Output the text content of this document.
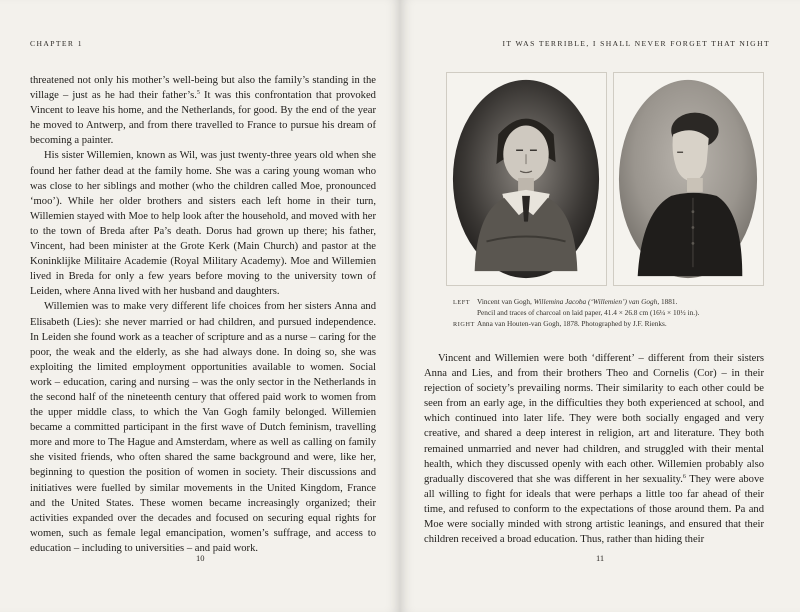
CHAPTER 1

threatened not only his mother’s well-being but also the family’s standing in the village – just as he had their father’s.$^5$ It was this confrontation that provoked Vincent to leave his home, and the Netherlands, for good. By the end of the year he moved to Antwerp, and from there travelled to France to pursue his dream of becoming a painter.

His sister Willemien, known as Wil, was just twenty-three years old when she found her father dead at the family home. She was a caring young woman who was close to her siblings and mother (who the children called Moe, pronounced ‘moo’). While her older brothers and sisters each left home in their turn, Willemien stayed with Moe to help look after the household, and moved with her to the town of Breda after Pa’s death. Dorus had grown up there; his father, Vincent, had been minister at the Grote Kerk (Main Church) and pastor at the Koninklijke Militaire Academie (Royal Military Academy). Moe and Willemien lived in Breda for only a few years before moving to the university town of Leiden, where Anna lived with her husband and daughters.

Willemien was to make very different life choices from her sisters Anna and Elisabeth (Lies): she never married or had children, and pursued independence. In Leiden she found work as a teacher of scripture and as a nurse – caring for the poor, the weak and the elderly, as she had always done. In doing so, she was exploiting the limited employment opportunities available to women. Social work – education, caring and nursing – was the only sector in the Netherlands in the second half of the nineteenth century that offered paid work to women from the upper middle class, to which the Van Gogh family belonged. Willemien became a committed participant in the first wave of Dutch feminism, travelling more and more to The Hague and Amsterdam, where as well as calling on family she visited friends, who often shared the same background and were, like her, beginning to question the position of women in society. Their discussions and initiatives were fuelled by similar movements in the United Kingdom, France and the United States. These women became increasingly organized; their activities expanded over the decades and focused on securing equal rights for women, such as female legal emancipation, women’s suffrage, and access to education – including to universities – and paid work.

10
IT WAS TERRIBLE, I SHALL NEVER FORGET THAT NIGHT
LEFT Vincent van Gogh, Willemina Jacoba (‘Willemien’) van Gogh, 1881.
Pencil and traces of charcoal on laid paper, 41.4 × 26.8 cm (16¼ × 10½ in.).
RIGHT Anna van Houten-van Gogh, 1878. Photographed by J.F. Rienks.

Vincent and Willemien were both ‘different’ – different from their sisters Anna and Lies, and from their brothers Theo and Cornelis (Cor) – in their rejection of society’s prevailing norms. Their similarity to each other could be seen from an early age, in the difficulties they both experienced at school, and which continued into later life. They were both socially engaged and very creative, and shared a deep interest in religion, art and literature. They both remained unmarried and never had children, and struggled with their mental health, which they discussed openly with each other. Willemien probably also gradually discovered that she was different in her sexuality.$^6$ They were above all willing to fight for ideals that were perhaps a little too far ahead of their time, and refused to conform to the expectations of those around them. Pa and Moe were socially minded with strong artistic leanings, and ensured that their children received a broad education. Thus, rather than hiding their

11
